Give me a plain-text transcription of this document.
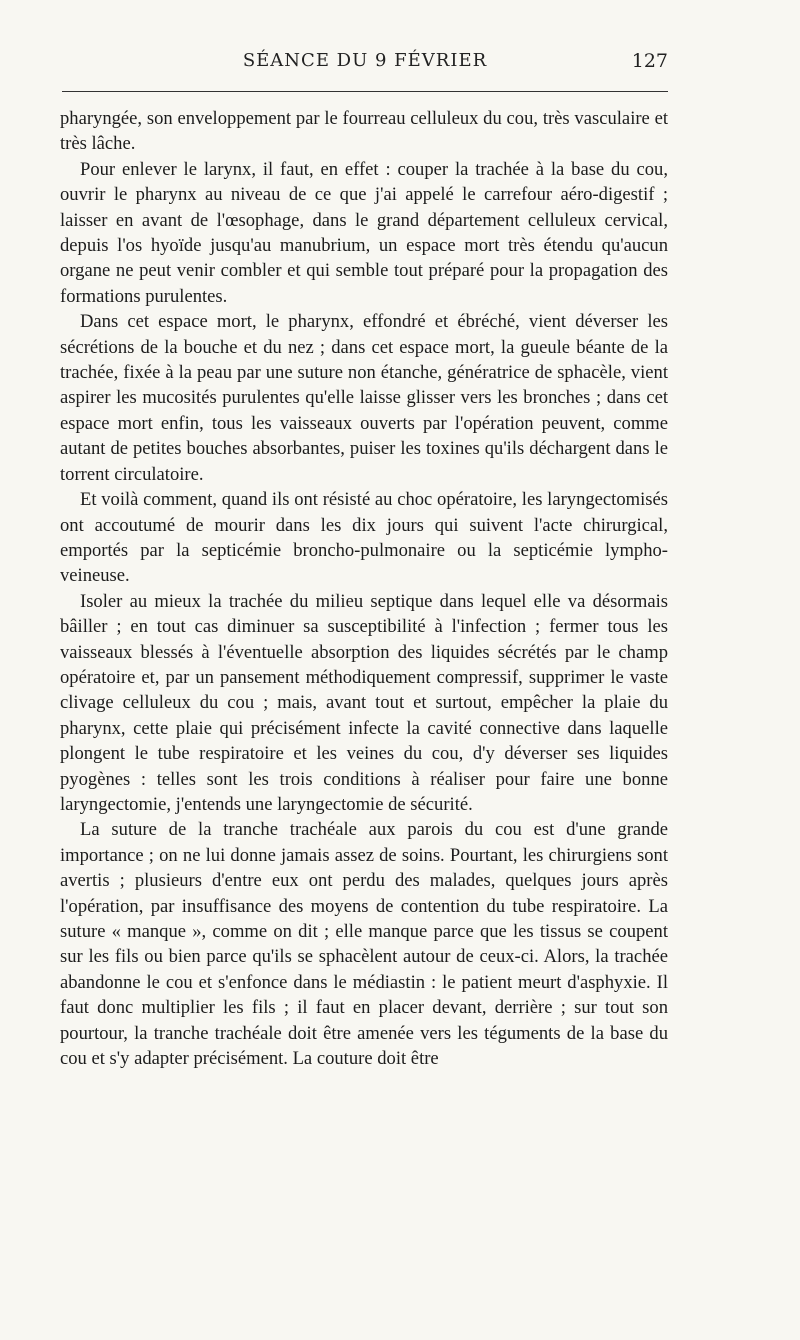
SÉANCE DU 9 FÉVRIER	127

pharyngée, son enveloppement par le fourreau celluleux du cou, très vasculaire et très lâche.

Pour enlever le larynx, il faut, en effet : couper la trachée à la base du cou, ouvrir le pharynx au niveau de ce que j'ai appelé le carrefour aéro-digestif ; laisser en avant de l'œsophage, dans le grand département celluleux cervical, depuis l'os hyoïde jusqu'au manubrium, un espace mort très étendu qu'aucun organe ne peut venir combler et qui semble tout préparé pour la propagation des formations purulentes.

Dans cet espace mort, le pharynx, effondré et ébréché, vient déverser les sécrétions de la bouche et du nez ; dans cet espace mort, la gueule béante de la trachée, fixée à la peau par une suture non étanche, génératrice de sphacèle, vient aspirer les mucosités purulentes qu'elle laisse glisser vers les bronches ; dans cet espace mort enfin, tous les vaisseaux ouverts par l'opération peuvent, comme autant de petites bouches absorbantes, puiser les toxines qu'ils déchargent dans le torrent circulatoire.

Et voilà comment, quand ils ont résisté au choc opératoire, les laryngectomisés ont accoutumé de mourir dans les dix jours qui suivent l'acte chirurgical, emportés par la septicémie broncho-pulmonaire ou la septicémie lympho-veineuse.

Isoler au mieux la trachée du milieu septique dans lequel elle va désormais bâiller ; en tout cas diminuer sa susceptibilité à l'infection ; fermer tous les vaisseaux blessés à l'éventuelle absorption des liquides sécrétés par le champ opératoire et, par un pansement méthodiquement compressif, supprimer le vaste clivage celluleux du cou ; mais, avant tout et surtout, empêcher la plaie du pharynx, cette plaie qui précisément infecte la cavité connective dans laquelle plongent le tube respiratoire et les veines du cou, d'y déverser ses liquides pyogènes : telles sont les trois conditions à réaliser pour faire une bonne laryngectomie, j'entends une laryngectomie de sécurité.

La suture de la tranche trachéale aux parois du cou est d'une grande importance ; on ne lui donne jamais assez de soins. Pourtant, les chirurgiens sont avertis ; plusieurs d'entre eux ont perdu des malades, quelques jours après l'opération, par insuffisance des moyens de contention du tube respiratoire. La suture « manque », comme on dit ; elle manque parce que les tissus se coupent sur les fils ou bien parce qu'ils se sphacèlent autour de ceux-ci. Alors, la trachée abandonne le cou et s'enfonce dans le médiastin : le patient meurt d'asphyxie. Il faut donc multiplier les fils ; il faut en placer devant, derrière ; sur tout son pourtour, la tranche trachéale doit être amenée vers les téguments de la base du cou et s'y adapter précisément. La couture doit être
